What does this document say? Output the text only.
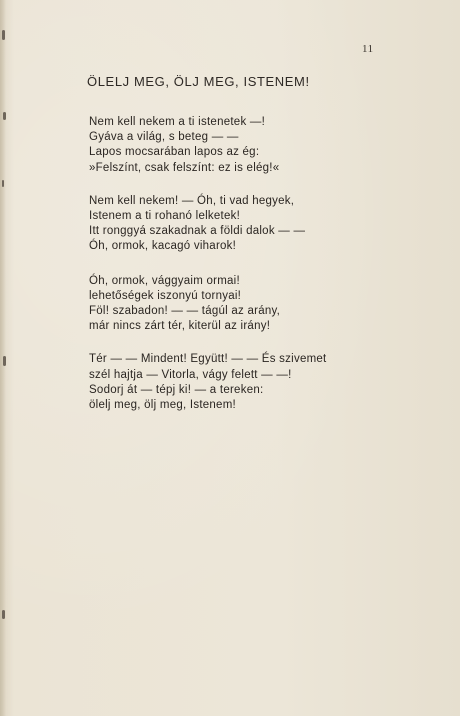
11
ÖLELJ MEG, ÖLJ MEG, ISTENEM!
Nem kell nekem a ti istenetek —!
Gyáva a világ, s beteg — —
Lapos mocsarában lapos az ég:
»Felszínt, csak felszínt: ez is elég!«
Nem kell nekem! — Óh, ti vad hegyek,
Istenem a ti rohanó lelketek!
Itt ronggyá szakadnak a földi dalok — —
Óh, ormok, kacagó viharok!
Óh, ormok, vággyaim ormai!
lehetőségek iszonyú tornyai!
Föl! szabadon! — — tágúl az arány,
már nincs zárt tér, kiterül az irány!
Tér — — Mindent! Együtt! — — És szivemet
szél hajtja — Vitorla, vágy felett — —!
Sodorj át — tépj ki! — a tereken:
ölelj meg, ölj meg, Istenem!
